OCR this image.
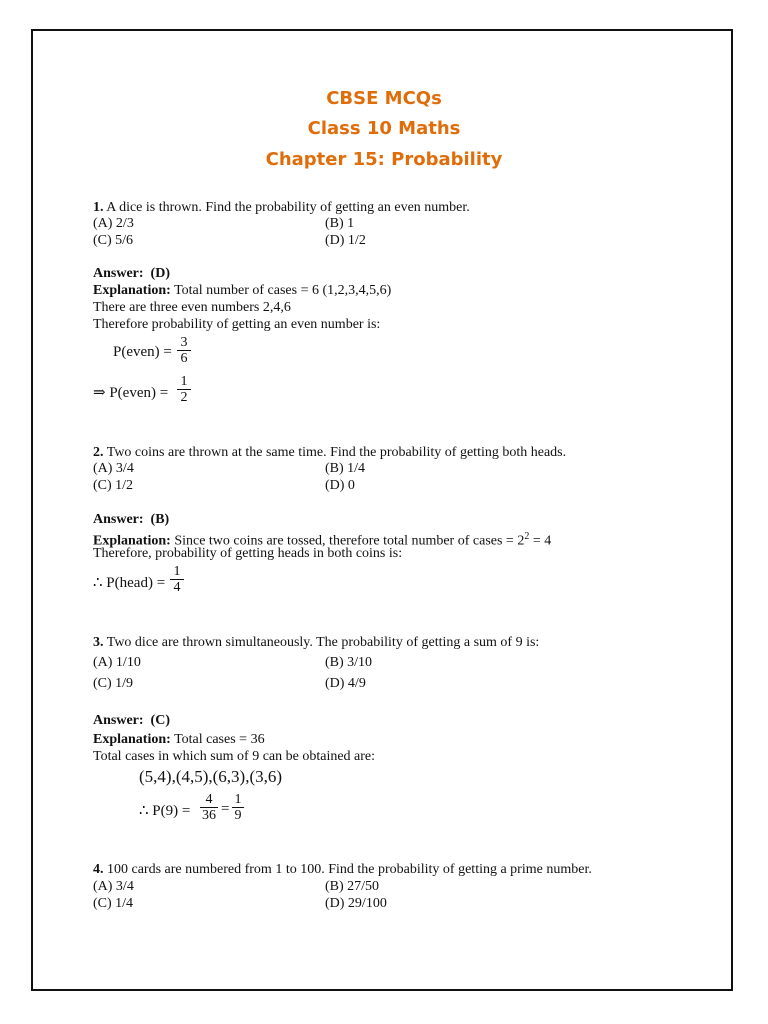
CBSE MCQs
Class 10 Maths
Chapter 15: Probability
1. A dice is thrown. Find the probability of getting an even number.
(A) 2/3	(B) 1
(C) 5/6	(D) 1/2
Answer: (D)
Explanation: Total number of cases = 6 (1,2,3,4,5,6)
There are three even numbers 2,4,6
Therefore probability of getting an even number is:
P(even) =
3
6
⇒ P(even) =
1
2
2. Two coins are thrown at the same time. Find the probability of getting both heads.
(A) 3/4	(B) 1/4
(C) 1/2	(D) 0
Answer: (B)
Explanation: Since two coins are tossed, therefore total number of cases = $2^2 = 4$
Therefore, probability of getting heads in both coins is:
∴ P(head) =
1
4
3. Two dice are thrown simultaneously. The probability of getting a sum of 9 is:
(A) 1/10	(B) 3/10
(C) 1/9	(D) 4/9
Answer: (C)
Explanation: Total cases = 36
Total cases in which sum of 9 can be obtained are:
(5,4),(4,5),(6,3),(3,6)
∴ P(9) =
4
36 =
1
9
4. 100 cards are numbered from 1 to 100. Find the probability of getting a prime number.
(A) 3/4	(B) 27/50
(C) 1/4	(D) 29/100
